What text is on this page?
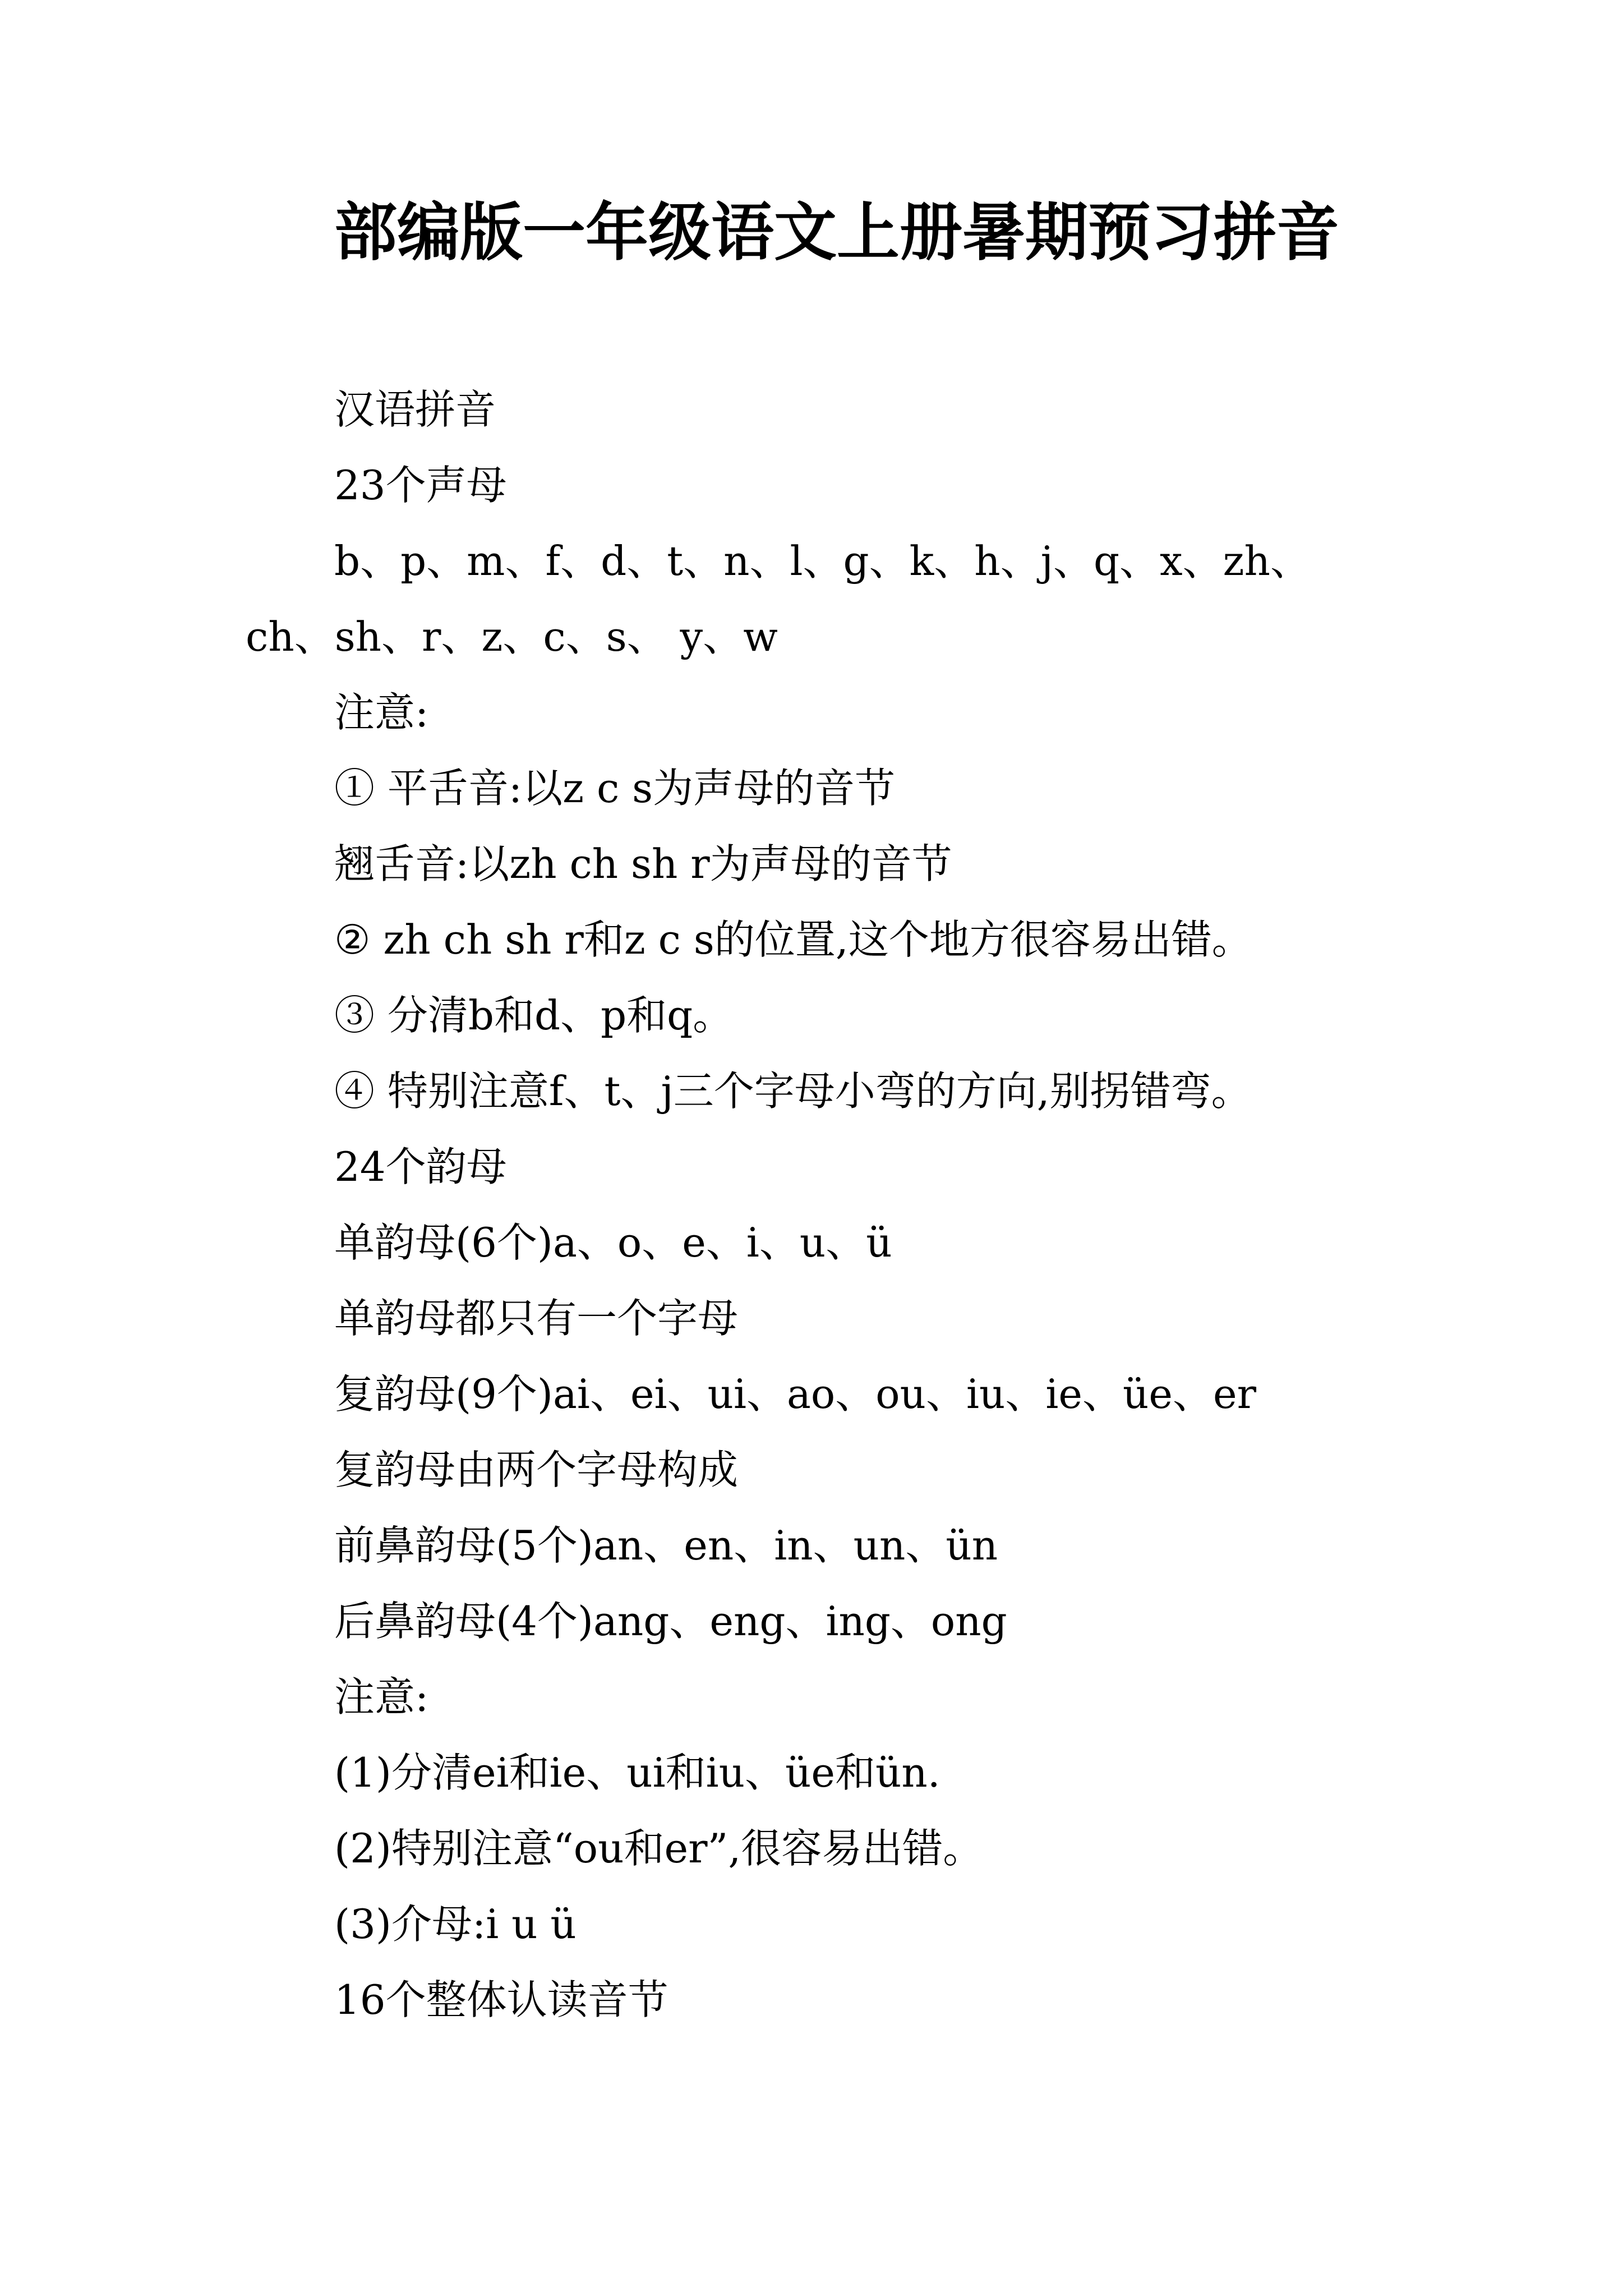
部编版一年级语文上册暑期预习拼音

汉语拼音

23个声母

b、p、m、f、d、t、n、l、g、k、h、j、q、x、zh、

ch、sh、r、z、c、s、 y、w

注意:

① 平舌音:以z c s为声母的音节

翘舌音:以zh ch sh r为声母的音节

② zh ch sh r和z c s的位置,这个地方很容易出错。

③ 分清b和d、p和q。

④ 特别注意f、t、j三个字母小弯的方向,别拐错弯。

24个韵母

单韵母(6个)a、o、e、i、u、ü

单韵母都只有一个字母

复韵母(9个)ai、ei、ui、ao、ou、iu、ie、üe、er

复韵母由两个字母构成

前鼻韵母(5个)an、en、in、un、ün

后鼻韵母(4个)ang、eng、ing、ong

注意:

(1)分清ei和ie、ui和iu、üe和ün.

(2)特别注意“ou和er”,很容易出错。

(3)介母:i u ü

16个整体认读音节
